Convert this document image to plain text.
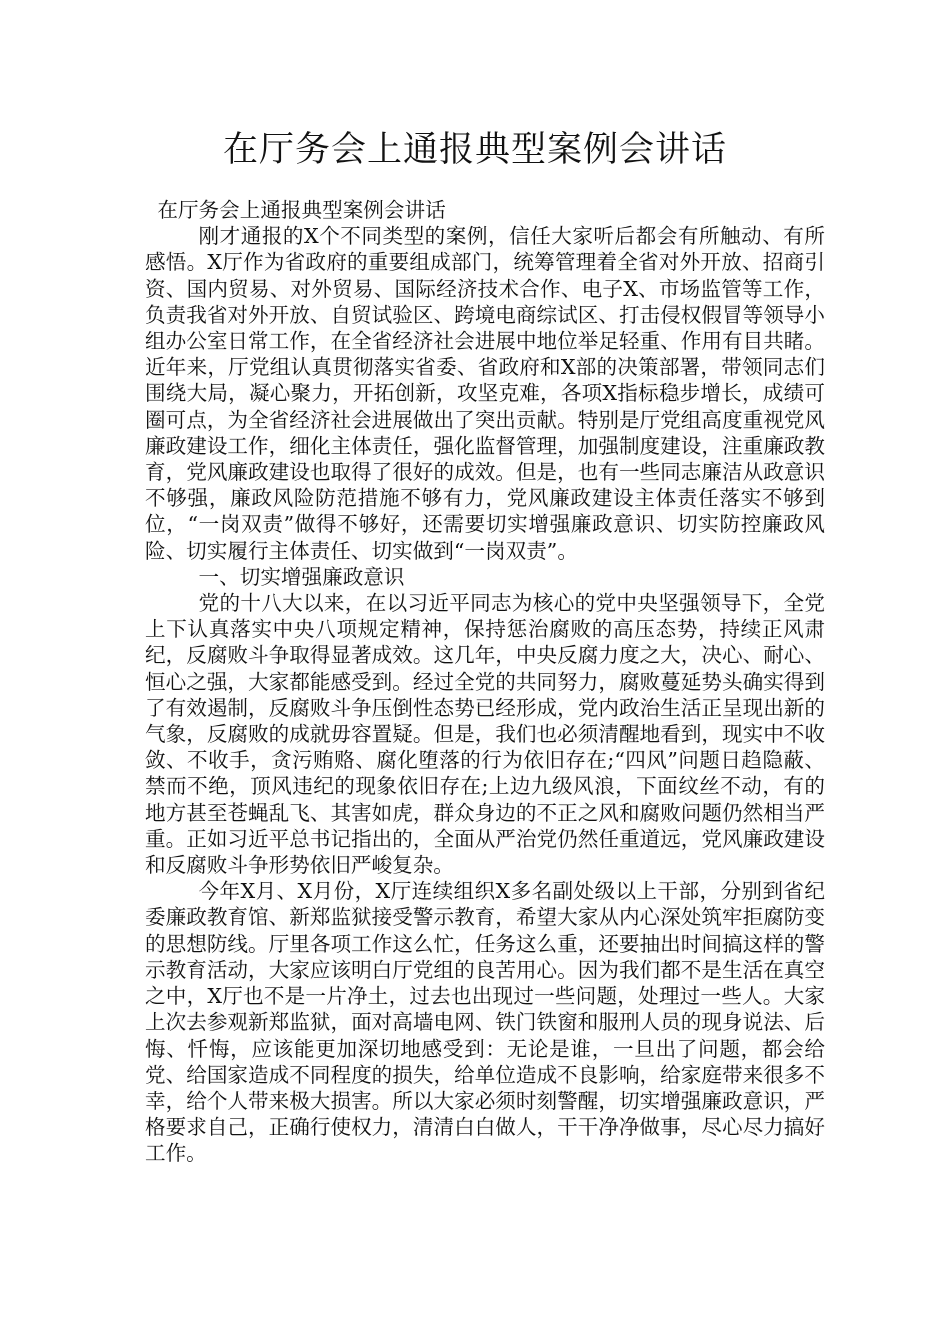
在厅务会上通报典型案例会讲话

在厅务会上通报典型案例会讲话

刚才通报的X个不同类型的案例，信任大家听后都会有所触动、有所感悟。X厅作为省政府的重要组成部门，统筹管理着全省对外开放、招商引资、国内贸易、对外贸易、国际经济技术合作、电子X、市场监管等工作，负责我省对外开放、自贸试验区、跨境电商综试区、打击侵权假冒等领导小组办公室日常工作，在全省经济社会进展中地位举足轻重、作用有目共睹。近年来，厅党组认真贯彻落实省委、省政府和X部的决策部署，带领同志们围绕大局，凝心聚力，开拓创新，攻坚克难，各项X指标稳步增长，成绩可圈可点，为全省经济社会进展做出了突出贡献。特别是厅党组高度重视党风廉政建设工作，细化主体责任，强化监督管理，加强制度建设，注重廉政教育，党风廉政建设也取得了很好的成效。但是，也有一些同志廉洁从政意识不够强，廉政风险防范措施不够有力，党风廉政建设主体责任落实不够到位，“一岗双责”做得不够好，还需要切实增强廉政意识、切实防控廉政风险、切实履行主体责任、切实做到“一岗双责”。

一、切实增强廉政意识

党的十八大以来，在以习近平同志为核心的党中央坚强领导下，全党上下认真落实中央八项规定精神，保持惩治腐败的高压态势，持续正风肃纪，反腐败斗争取得显著成效。这几年，中央反腐力度之大，决心、耐心、恒心之强，大家都能感受到。经过全党的共同努力，腐败蔓延势头确实得到了有效遏制，反腐败斗争压倒性态势已经形成，党内政治生活正呈现出新的气象，反腐败的成就毋容置疑。但是，我们也必须清醒地看到，现实中不收敛、不收手，贪污贿赂、腐化堕落的行为依旧存在;“四风”问题日趋隐蔽、禁而不绝，顶风违纪的现象依旧存在;上边九级风浪，下面纹丝不动，有的地方甚至苍蝇乱飞、其害如虎，群众身边的不正之风和腐败问题仍然相当严重。正如习近平总书记指出的，全面从严治党仍然任重道远，党风廉政建设和反腐败斗争形势依旧严峻复杂。

今年X月、X月份，X厅连续组织X多名副处级以上干部，分别到省纪委廉政教育馆、新郑监狱接受警示教育，希望大家从内心深处筑牢拒腐防变的思想防线。厅里各项工作这么忙，任务这么重，还要抽出时间搞这样的警示教育活动，大家应该明白厅党组的良苦用心。因为我们都不是生活在真空之中，X厅也不是一片净土，过去也出现过一些问题，处理过一些人。大家上次去参观新郑监狱，面对高墙电网、铁门铁窗和服刑人员的现身说法、后悔、忏悔，应该能更加深切地感受到：无论是谁，一旦出了问题，都会给党、给国家造成不同程度的损失，给单位造成不良影响，给家庭带来很多不幸，给个人带来极大损害。所以大家必须时刻警醒，切实增强廉政意识，严格要求自己，正确行使权力，清清白白做人，干干净净做事，尽心尽力搞好工作。
